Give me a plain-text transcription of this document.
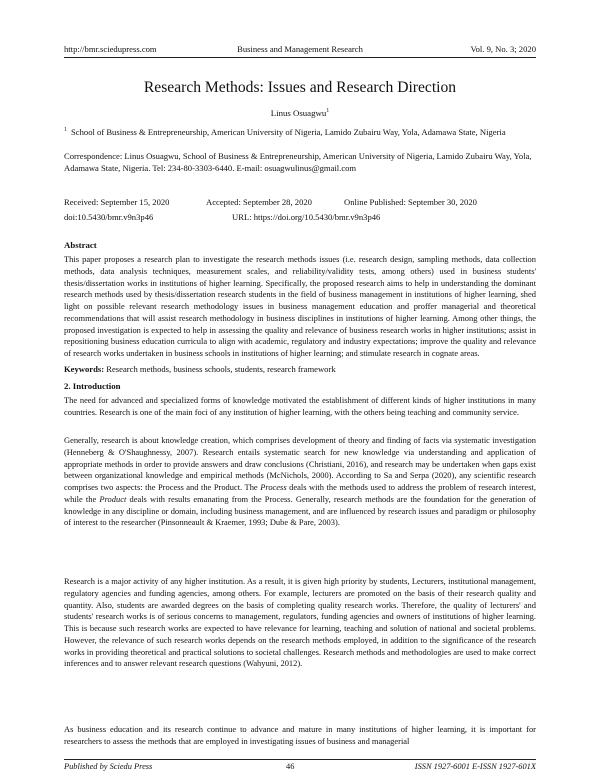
http://bmr.sciedupress.com	Business and Management Research	Vol. 9, No. 3; 2020
Research Methods: Issues and Research Direction
Linus Osuagwu$^1$
$^1$ School of Business & Entrepreneurship, American University of Nigeria, Lamido Zubairu Way, Yola, Adamawa State, Nigeria
Correspondence: Linus Osuagwu, School of Business & Entrepreneurship, American University of Nigeria, Lamido Zubairu Way, Yola, Adamawa State, Nigeria. Tel: 234-80-3303-6440. E-mail: osuagwulinus@gmail.com
Received: September 15, 2020	Accepted: September 28, 2020	Online Published: September 30, 2020
doi:10.5430/bmr.v9n3p46	URL: https://doi.org/10.5430/bmr.v9n3p46
Abstract
This paper proposes a research plan to investigate the research methods issues (i.e. research design, sampling methods, data collection methods, data analysis techniques, measurement scales, and reliability/validity tests, among others) used in business students' thesis/dissertation works in institutions of higher learning. Specifically, the proposed research aims to help in understanding the dominant research methods used by thesis/dissertation research students in the field of business management in institutions of higher learning, shed light on possible relevant research methodology issues in business management education and proffer managerial and theoretical recommendations that will assist research methodology in business disciplines in institutions of higher learning. Among other things, the proposed investigation is expected to help in assessing the quality and relevance of business research works in higher institutions; assist in repositioning business education curricula to align with academic, regulatory and industry expectations; improve the quality and relevance of research works undertaken in business schools in institutions of higher learning; and stimulate research in cognate areas.
Keywords: Research methods, business schools, students, research framework
2. Introduction
The need for advanced and specialized forms of knowledge motivated the establishment of different kinds of higher institutions in many countries. Research is one of the main foci of any institution of higher learning, with the others being teaching and community service.
Generally, research is about knowledge creation, which comprises development of theory and finding of facts via systematic investigation (Henneberg & O'Shaughnessy, 2007). Research entails systematic search for new knowledge via understanding and application of appropriate methods in order to provide answers and draw conclusions (Christiani, 2016), and research may be undertaken when gaps exist between organizational knowledge and empirical methods (McNichols, 2000). According to Sa and Serpa (2020), any scientific research comprises two aspects: the Process and the Product. The Process deals with the methods used to address the problem of research interest, while the Product deals with results emanating from the Process. Generally, research methods are the foundation for the generation of knowledge in any discipline or domain, including business management, and are influenced by research issues and paradigm or philosophy of interest to the researcher (Pinsonneault & Kraemer, 1993; Dube & Pare, 2003).
Research is a major activity of any higher institution. As a result, it is given high priority by students, Lecturers, institutional management, regulatory agencies and funding agencies, among others. For example, lecturers are promoted on the basis of their research quality and quantity. Also, students are awarded degrees on the basis of completing quality research works. Therefore, the quality of lecturers' and students' research works is of serious concerns to management, regulators, funding agencies and owners of institutions of higher learning. This is because such research works are expected to have relevance for learning, teaching and solution of national and societal problems. However, the relevance of such research works depends on the research methods employed, in addition to the significance of the research works in providing theoretical and practical solutions to societal challenges. Research methods and methodologies are used to make correct inferences and to answer relevant research questions (Wahyuni, 2012).
As business education and its research continue to advance and mature in many institutions of higher learning, it is important for researchers to assess the methods that are employed in investigating issues of business and managerial
Published by Sciedu Press	46	ISSN 1927-6001 E-ISSN 1927-601X
